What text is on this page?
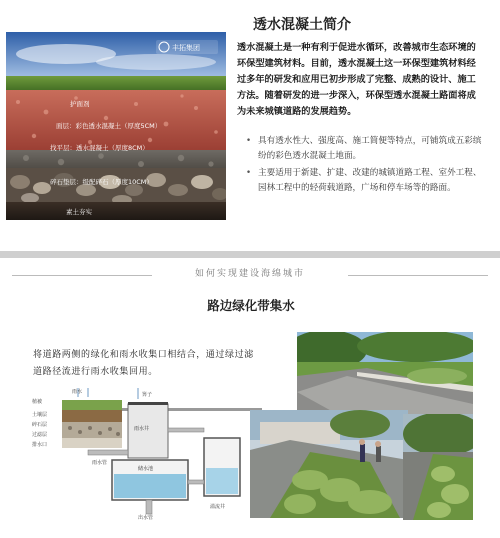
透水混凝土简介
丰拓集团
护面剂
面层：彩色透水混凝土（厚度5CM）
找平层：透水混凝土（厚度8CM）
碎石垫层：级配碎石（厚度10CM）
素土夯实
透水混凝土是一种有利于促进水循环，改善城市生态环境的环保型建筑材料。目前，透水混凝土这一环保型建筑材料经过多年的研发和应用已初步形成了完整、成熟的设计、施工方法。随着研发的进一步深入，环保型透水混凝土路面将成为未来城镇道路的发展趋势。
• 具有透水性大、强度高、施工简便等特点，可铺筑成五彩缤纷的彩色透水混凝土地面。
• 主要适用于新建、扩建、改建的城镇道路工程、室外工程、园林工程中的轻荷载道路，广场和停车场等的路面。
如何实现建设海绵城市
路边绿化带集水
将道路两侧的绿化和雨水收集口相结合，通过绿过滤道路径流进行雨水收集回用。
植被
土壤层
碎石层
过滤层
排水口
雨水	箅子
雨水井
雨水管
储水池
溢流井
出水管
